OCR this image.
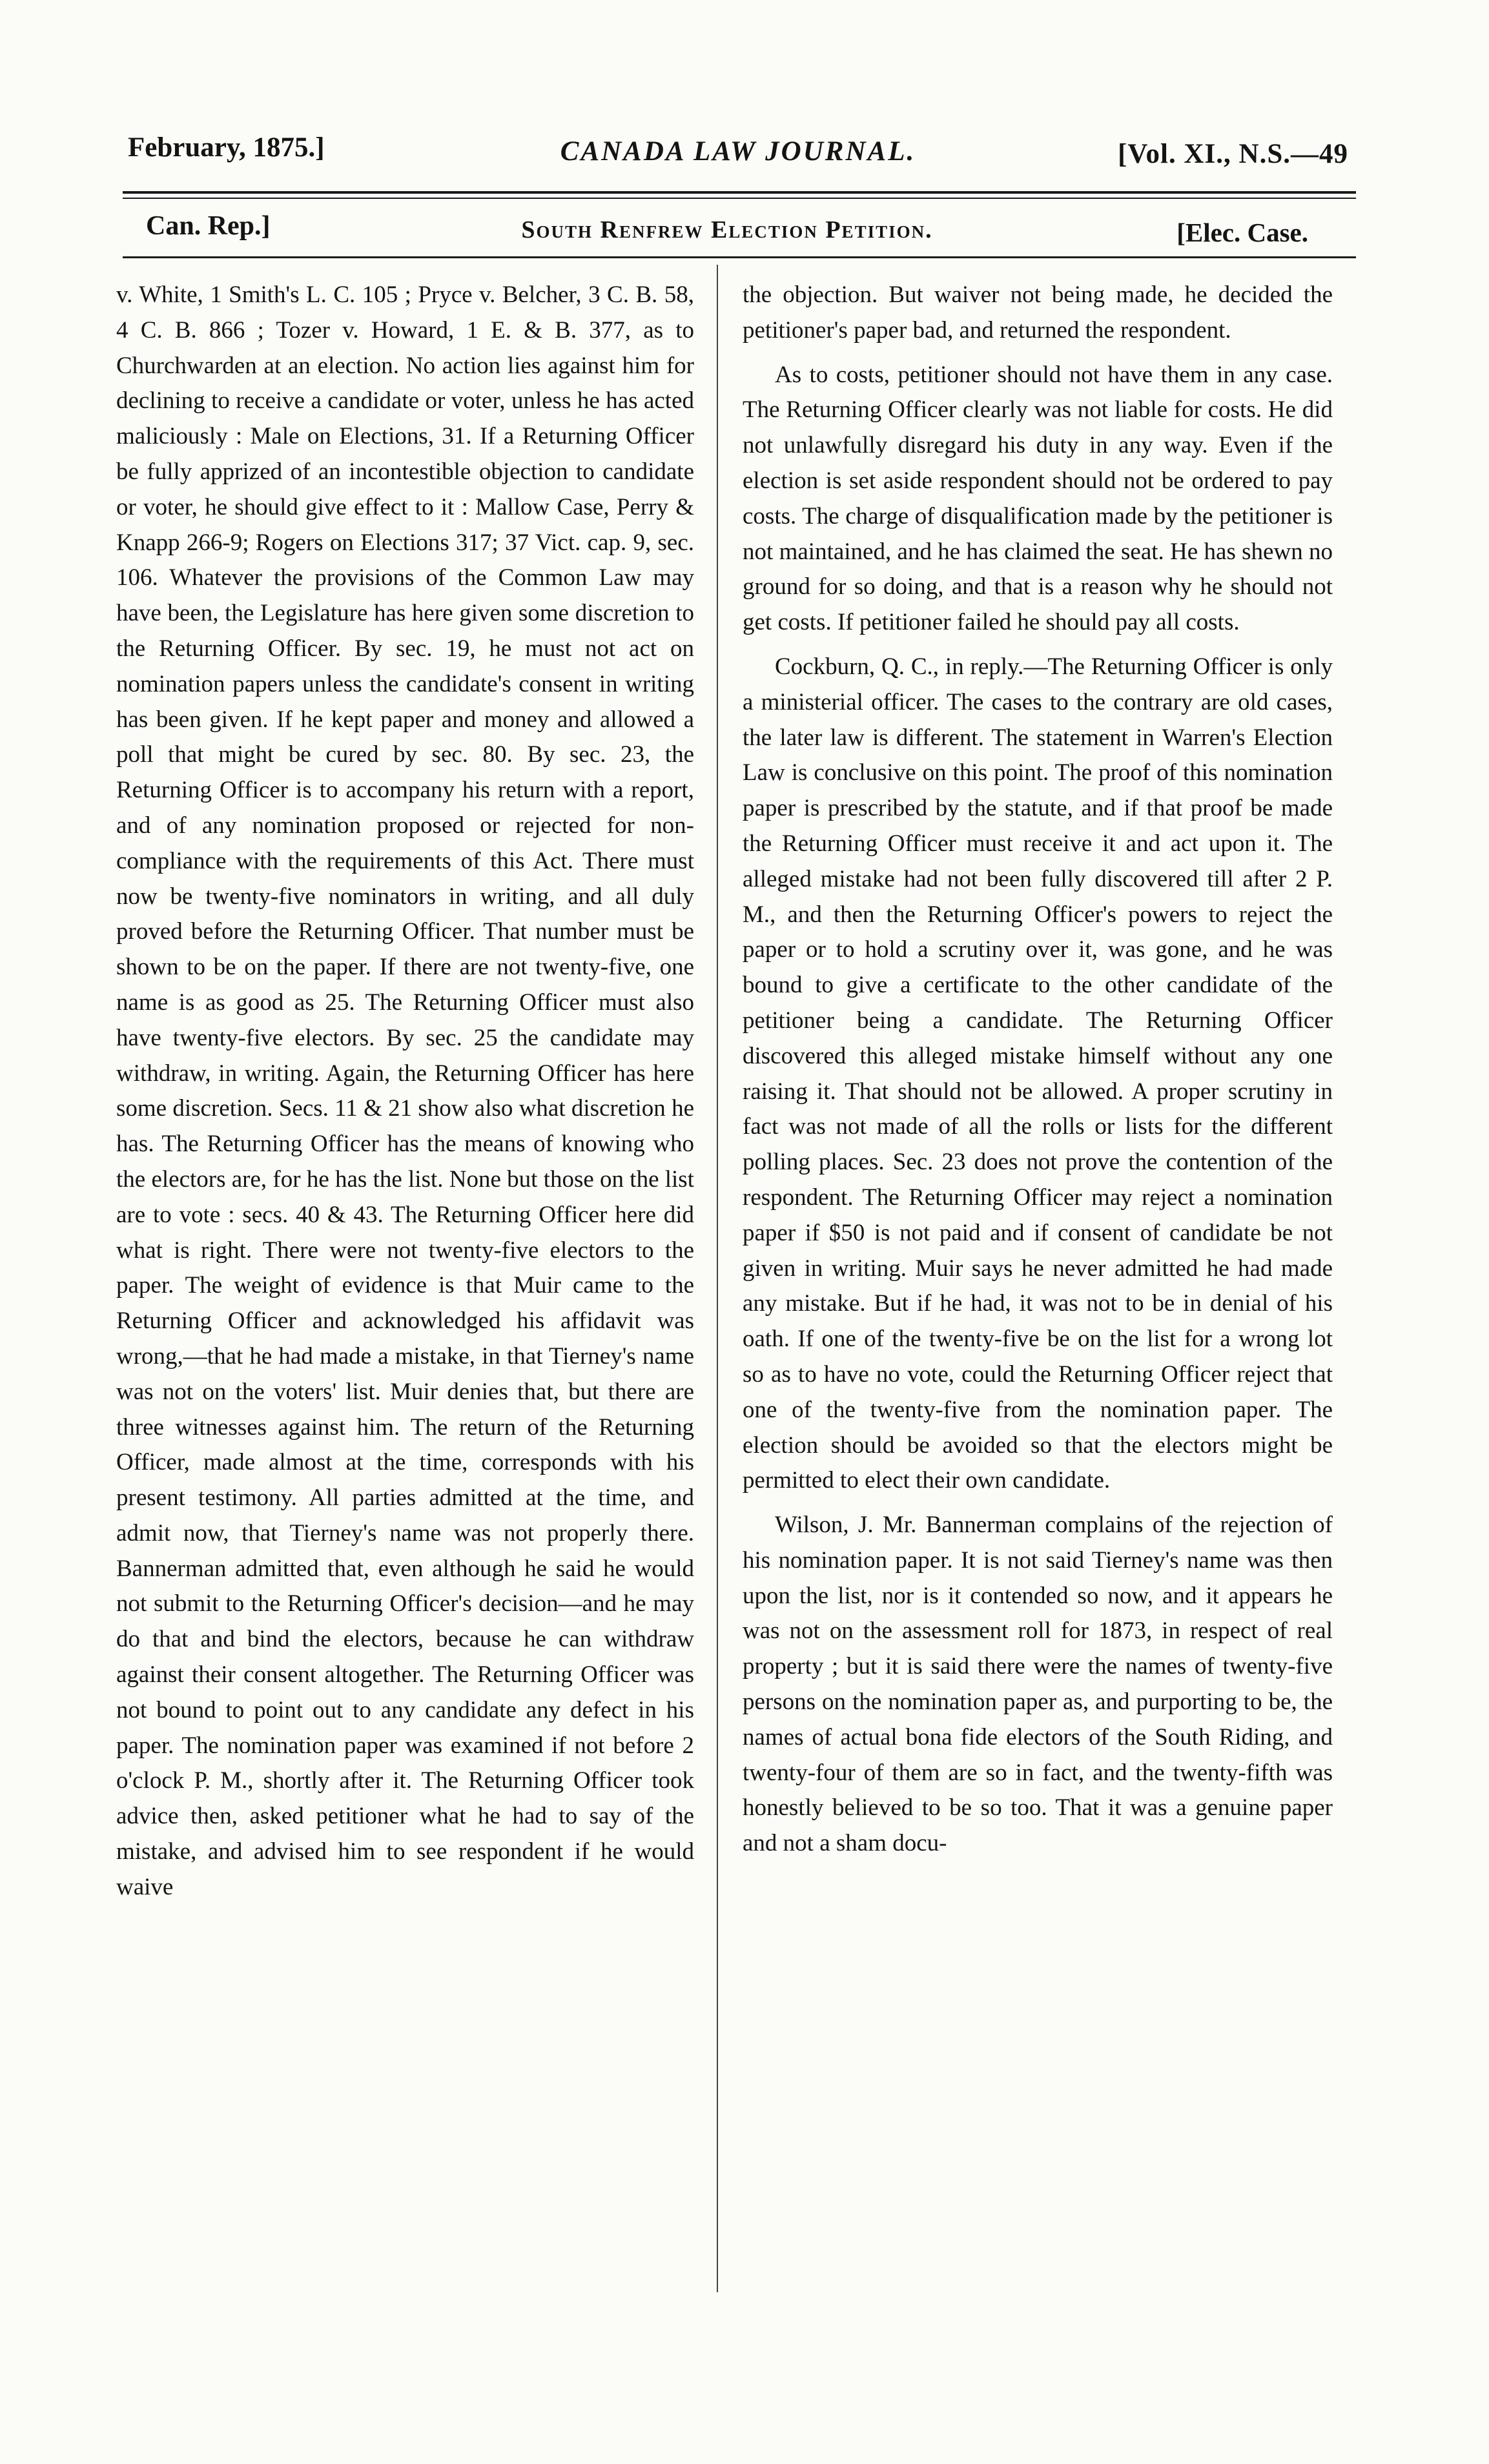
February, 1875.]	CANADA LAW JOURNAL.	[Vol. XI., N.S.—49
Can. Rep.]	South Renfrew Election Petition.	[Elec. Case.

v. White, 1 Smith's L. C. 105 ; Pryce v. Belcher, 3 C. B. 58, 4 C. B. 866 ; Tozer v. Howard, 1 E. & B. 377, as to Churchwarden at an election. No action lies against him for declining to receive a candidate or voter, unless he has acted maliciously : Male on Elections, 31. If a Returning Officer be fully apprized of an incontestible objection to candidate or voter, he should give effect to it : Mallow Case, Perry & Knapp 266-9; Rogers on Elections 317; 37 Vict. cap. 9, sec. 106. Whatever the provisions of the Common Law may have been, the Legislature has here given some discretion to the Returning Officer. By sec. 19, he must not act on nomination papers unless the candidate's consent in writing has been given. If he kept paper and money and allowed a poll that might be cured by sec. 80. By sec. 23, the Returning Officer is to accompany his return with a report, and of any nomination proposed or rejected for non-compliance with the requirements of this Act. There must now be twenty-five nominators in writing, and all duly proved before the Returning Officer. That number must be shown to be on the paper. If there are not twenty-five, one name is as good as 25. The Returning Officer must also have twenty-five electors. By sec. 25 the candidate may withdraw, in writing. Again, the Returning Officer has here some discretion. Secs. 11 & 21 show also what discretion he has. The Returning Officer has the means of knowing who the electors are, for he has the list. None but those on the list are to vote : secs. 40 & 43. The Returning Officer here did what is right. There were not twenty-five electors to the paper. The weight of evidence is that Muir came to the Returning Officer and acknowledged his affidavit was wrong,—that he had made a mistake, in that Tierney's name was not on the voters' list. Muir denies that, but there are three witnesses against him. The return of the Returning Officer, made almost at the time, corresponds with his present testimony. All parties admitted at the time, and admit now, that Tierney's name was not properly there. Bannerman admitted that, even although he said he would not submit to the Returning Officer's decision—and he may do that and bind the electors, because he can withdraw against their consent altogether. The Returning Officer was not bound to point out to any candidate any defect in his paper. The nomination paper was examined if not before 2 o'clock P. M., shortly after it. The Returning Officer took advice then, asked petitioner what he had to say of the mistake, and advised him to see respondent if he would waive

the objection. But waiver not being made, he decided the petitioner's paper bad, and returned the respondent.

As to costs, petitioner should not have them in any case. The Returning Officer clearly was not liable for costs. He did not unlawfully disregard his duty in any way. Even if the election is set aside respondent should not be ordered to pay costs. The charge of disqualification made by the petitioner is not maintained, and he has claimed the seat. He has shewn no ground for so doing, and that is a reason why he should not get costs. If petitioner failed he should pay all costs.

Cockburn, Q. C., in reply.—The Returning Officer is only a ministerial officer. The cases to the contrary are old cases, the later law is different. The statement in Warren's Election Law is conclusive on this point. The proof of this nomination paper is prescribed by the statute, and if that proof be made the Returning Officer must receive it and act upon it. The alleged mistake had not been fully discovered till after 2 P. M., and then the Returning Officer's powers to reject the paper or to hold a scrutiny over it, was gone, and he was bound to give a certificate to the other candidate of the petitioner being a candidate. The Returning Officer discovered this alleged mistake himself without any one raising it. That should not be allowed. A proper scrutiny in fact was not made of all the rolls or lists for the different polling places. Sec. 23 does not prove the contention of the respondent. The Returning Officer may reject a nomination paper if $50 is not paid and if consent of candidate be not given in writing. Muir says he never admitted he had made any mistake. But if he had, it was not to be in denial of his oath. If one of the twenty-five be on the list for a wrong lot so as to have no vote, could the Returning Officer reject that one of the twenty-five from the nomination paper. The election should be avoided so that the electors might be permitted to elect their own candidate.

Wilson, J. Mr. Bannerman complains of the rejection of his nomination paper. It is not said Tierney's name was then upon the list, nor is it contended so now, and it appears he was not on the assessment roll for 1873, in respect of real property ; but it is said there were the names of twenty-five persons on the nomination paper as, and purporting to be, the names of actual bona fide electors of the South Riding, and twenty-four of them are so in fact, and the twenty-fifth was honestly believed to be so too. That it was a genuine paper and not a sham docu-
